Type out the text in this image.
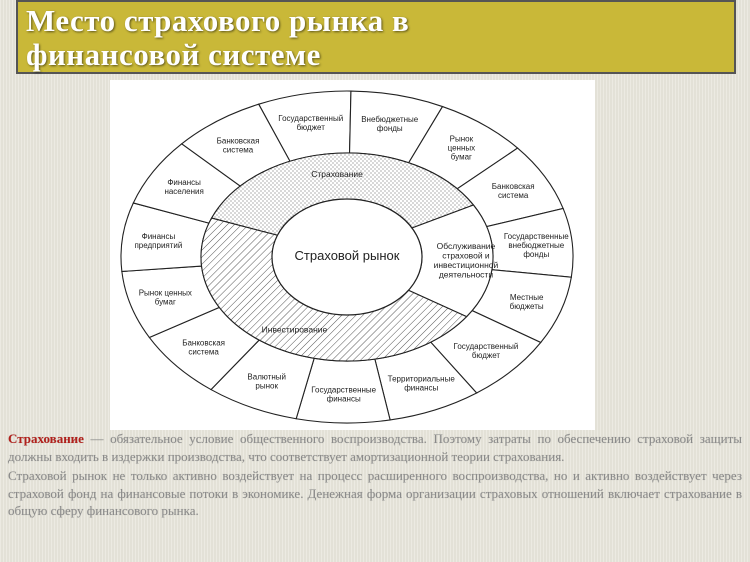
Место страхового рынка в
финансовой системе
Государственный бюджет
Внебюджетные фонды
Рынок ценных бумаг
Банковская система
Государственные внебюджетные фонды
Местные бюджеты
Государственный бюджет
Территориальные финансы
Государственные финансы
Валютный рынок
Банковская система
Рынок ценных бумаг
Финансы предприятий
Финансы населения
Банковская система
Страхование
Обслуживание страховой и инвестиционной деятельности
Инвестирование
Страховой рынок

Страхование — обязательное условие общественного воспроизводства. Поэтому затраты по обеспечению страховой защиты должны входить в издержки производства, что соответствует амортизационной теории страхования.

Страховой рынок не только активно воздействует на процесс расширенного воспроизводства, но и активно воздействует через страховой фонд на финансовые потоки в экономике. Денежная форма организации страховых отношений включает страхование в общую сферу финансового рынка.
